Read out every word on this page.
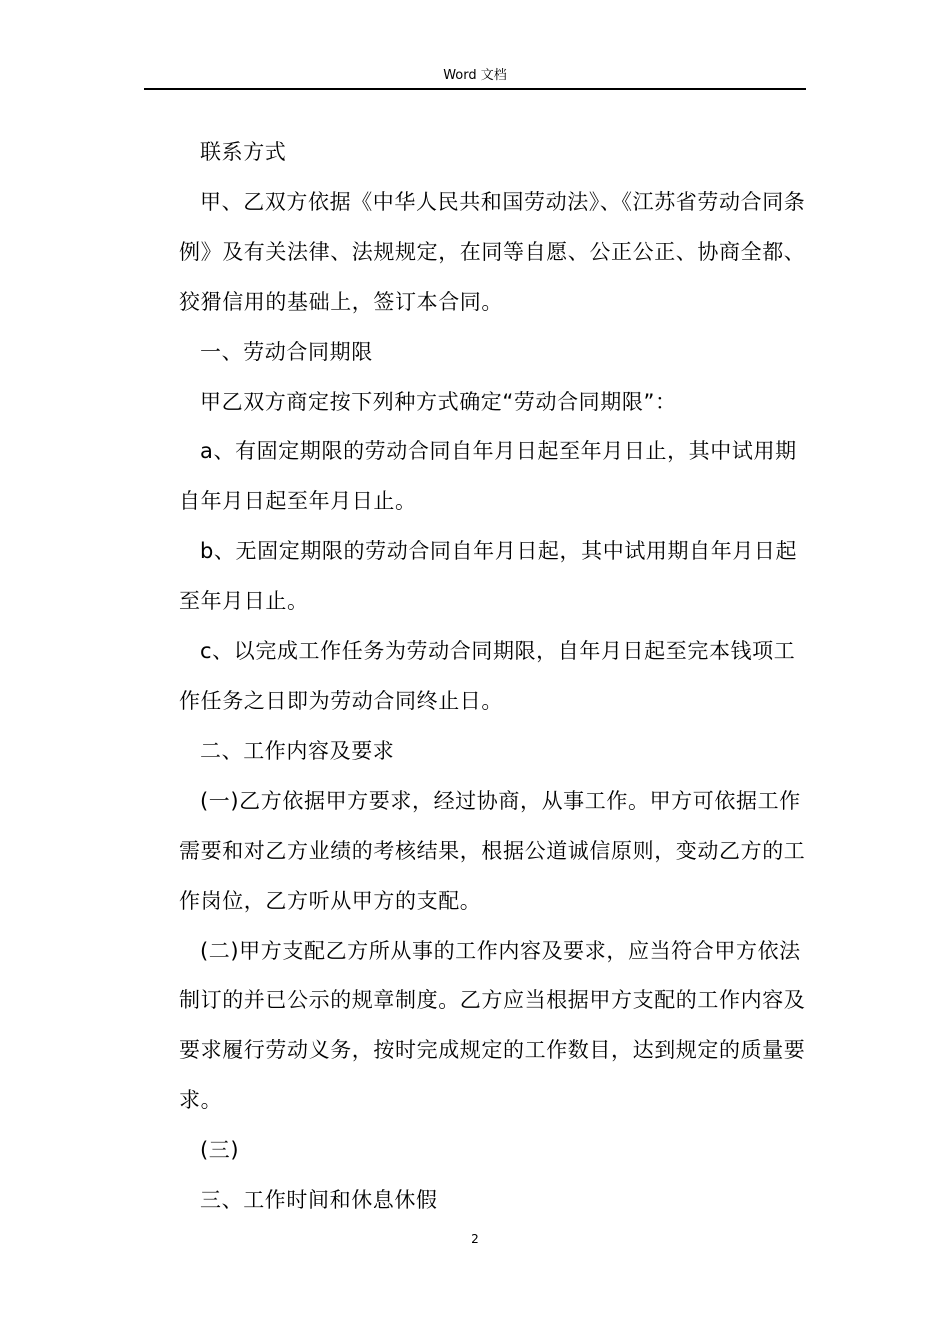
Word 文档

联系方式

甲、乙双方依据《中华人民共和国劳动法》、《江苏省劳动合同条例》及有关法律、法规规定，在同等自愿、公正公正、协商全都、狡猾信用的基础上，签订本合同。

一、劳动合同期限

甲乙双方商定按下列种方式确定“劳动合同期限”：

a、有固定期限的劳动合同自年月日起至年月日止，其中试用期自年月日起至年月日止。

b、无固定期限的劳动合同自年月日起，其中试用期自年月日起至年月日止。

c、以完成工作任务为劳动合同期限，自年月日起至完本钱项工作任务之日即为劳动合同终止日。

二、工作内容及要求

(一)乙方依据甲方要求，经过协商，从事工作。甲方可依据工作需要和对乙方业绩的考核结果，根据公道诚信原则，变动乙方的工作岗位，乙方听从甲方的支配。

(二)甲方支配乙方所从事的工作内容及要求，应当符合甲方依法制订的并已公示的规章制度。乙方应当根据甲方支配的工作内容及要求履行劳动义务，按时完成规定的工作数目，达到规定的质量要求。

(三)

三、工作时间和休息休假

2
